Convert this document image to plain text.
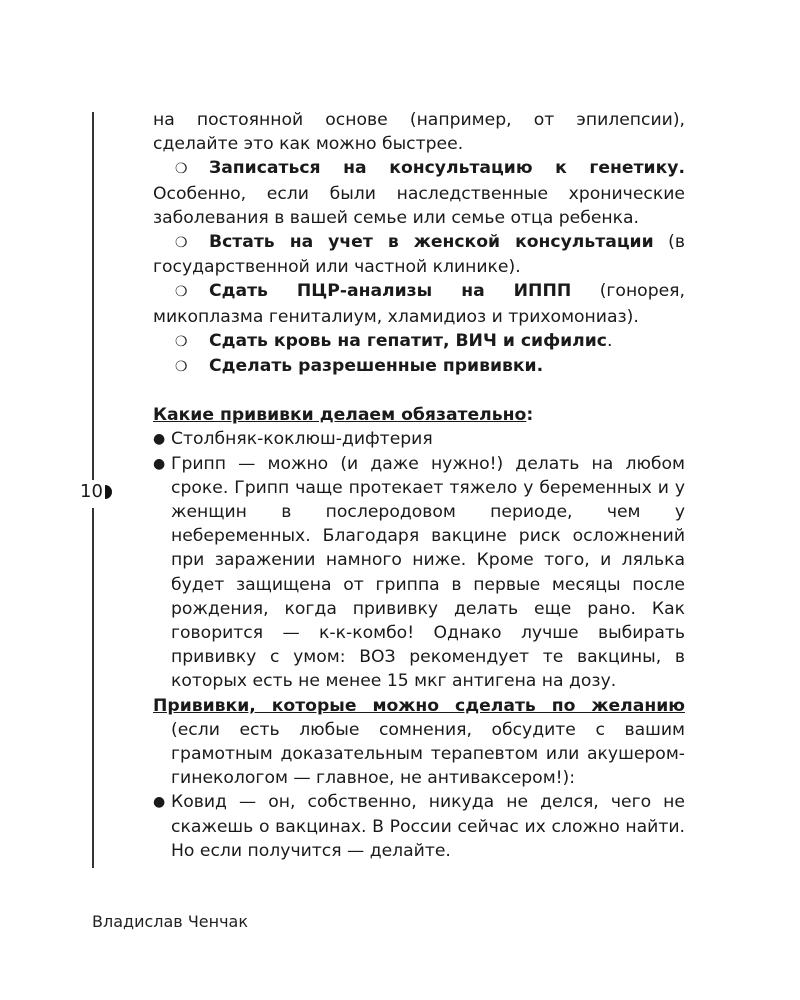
10

на постоянной основе (например, от эпилепсии), сделайте это как можно быстрее.

❍ Записаться на консультацию к генетику. Особенно, если были наследственные хронические заболевания в вашей семье или семье отца ребенка.

❍ Встать на учет в женской консультации (в государственной или частной клинике).

❍ Сдать ПЦР-анализы на ИППП (гонорея, микоплазма гениталиум, хламидиоз и трихомониаз).

❍ Сдать кровь на гепатит, ВИЧ и сифилис.

❍ Сделать разрешенные прививки.

Какие прививки делаем обязательно:

● Столбняк-коклюш-дифтерия

● Грипп — можно (и даже нужно!) делать на любом сроке. Грипп чаще протекает тяжело у беременных и у женщин в послеродовом периоде, чем у небеременных. Благодаря вакцине риск осложнений при заражении намного ниже. Кроме того, и лялька будет защищена от гриппа в первые месяцы после рождения, когда прививку делать еще рано. Как говорится — к-к-комбо! Однако лучше выбирать прививку с умом: ВОЗ рекомендует те вакцины, в которых есть не менее 15 мкг антигена на дозу.

Прививки, которые можно сделать по желанию (если есть любые сомнения, обсудите с вашим грамотным доказательным терапевтом или акушером-гинекологом — главное, не антиваксером!):

● Ковид — он, собственно, никуда не делся, чего не скажешь о вакцинах. В России сейчас их сложно найти. Но если получится — делайте.

Владислав Ченчак
